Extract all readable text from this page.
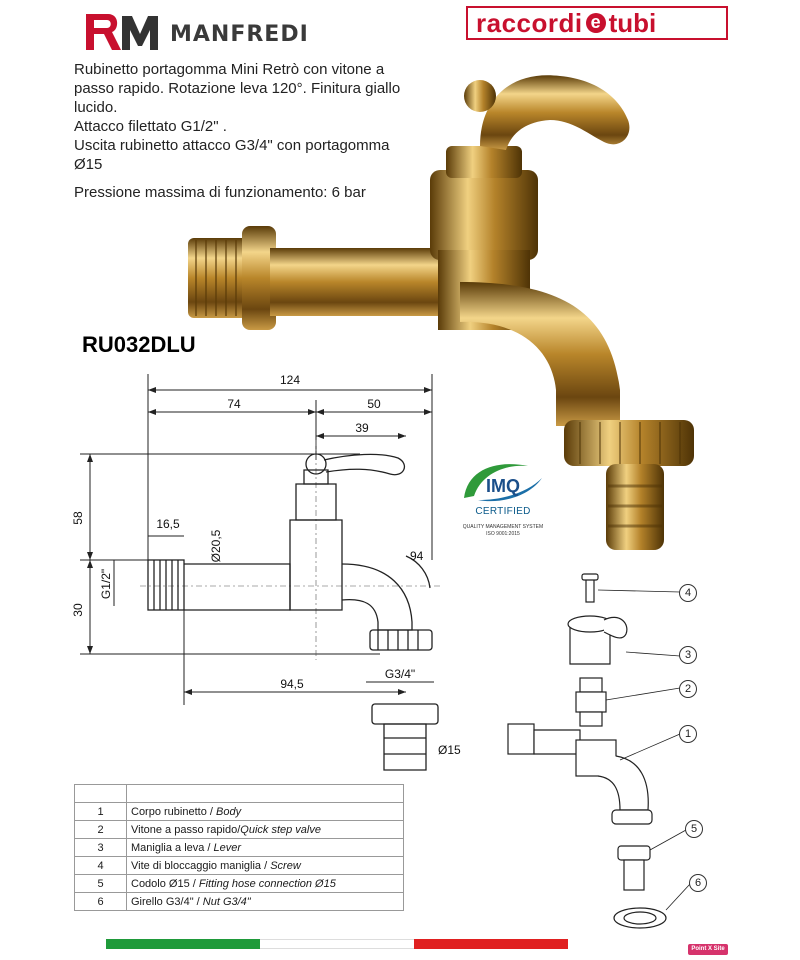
MANFREDI	raccordi e tubi

Rubinetto portagomma Mini Retrò con vitone a passo rapido. Rotazione leva 120°. Finitura giallo lucido.

Attacco filettato G1/2" .

Uscita rubinetto attacco G3/4" con portagomma Ø15

Pressione massima di funzionamento: 6 bar
RU032DLU
IMQ
CERTIFIED
QUALITY MANAGEMENT SYSTEM
ISO 9001:2015
124
74	50
39
58
30
16,5
Ø20,5
G1/2"
94
94,5
G3/4"
Ø15
4
3
2
1
5
6

1	Corpo rubinetto / Body
2	Vitone a passo rapido/Quick step valve
3	Maniglia a leva / Lever
4	Vite di bloccaggio maniglia / Screw
5	Codolo Ø15 / Fitting hose connection Ø15
6	Girello G3/4" / Nut G3/4"
Point X Site
